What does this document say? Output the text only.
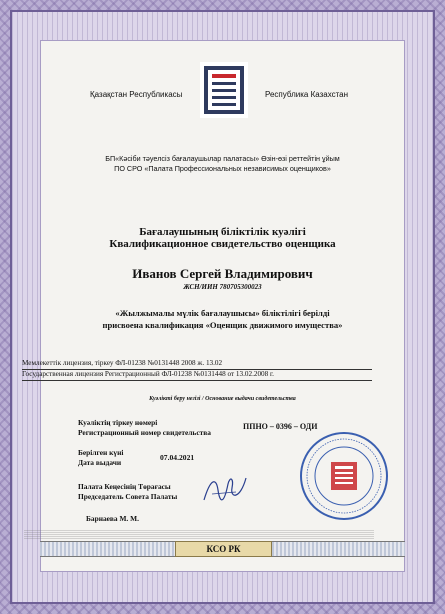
Қазақстан Республикасы	Республика Казахстан
БП«Кәсіби тәуелсіз бағалаушылар палатасы» Өзін-өзі реттейтін ұйым
ПО СРО «Палата Профессиональных независимых оценщиков»
Бағалаушының біліктілік куәлігі
Квалификационное свидетельство оценщика
Иванов Сергей Владимирович
ЖСН/ИИН 780705300023
«Жылжымалы мүлік бағалаушысы» біліктілігі берілді
присвоена квалификация «Оценщик движимого имущества»
Мемлекеттік лицензия, тіркеу ФЛ-01238 №0131448 2008 ж. 13.02
Государственная лицензия Регистрационный ФЛ-01238 №0131448 от 13.02.2008 г.
Куәлікті беру негізі / Основание выдачи свидетельства
Куәліктің тіркеу нөмері
Регистрационный номер свидетельства
ППНО – 0396 – ОДИ
Берілген күні
Дата выдачи
07.04.2021
Палата Кеңесінің Төрағасы
Председатель Совета Палаты
Барнаева М. М.
КСО РК
